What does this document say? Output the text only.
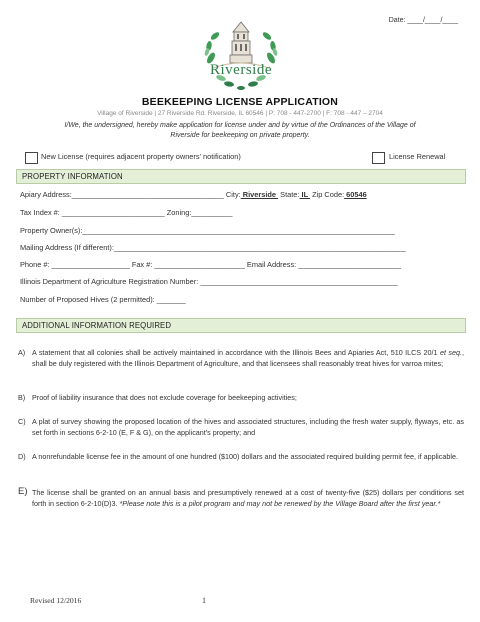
Date: ____/____/____
Riverside
BEEKEEPING LICENSE APPLICATION
Village of Riverside | 27 Riverside Rd. Riverside, IL 60546 | P: 708 - 447-2700 | F: 708 - 447 – 2704
I/We, the undersigned, hereby make application for license under and by virtue of the Ordinances of the Village of
Riverside for beekeeping on private property.
New License (requires adjacent property owners' notification)	License Renewal
PROPERTY INFORMATION
Apiary Address:_____________________________________ City: Riverside  State: IL  Zip Code: 60546
Tax Index #: _________________________ Zoning:__________
Property Owner(s):____________________________________________________________________________
Mailing Address (If different):_______________________________________________________________________
Phone #: ___________________ Fax #: ______________________ Email Address: _________________________
Illinois Department of Agriculture Registration Number: ________________________________________________
Number of Proposed Hives (2 permitted): _______
ADDITIONAL INFORMATION REQUIRED
A) A statement that all colonies shall be actively maintained in accordance with the Illinois Bees and Apiaries Act, 510 ILCS 20/1 et seq., shall be duly registered with the Illinois Department of Agriculture, and that licensees shall reasonably treat hives for varroa mites;
B) Proof of liability insurance that does not exclude coverage for beekeeping activities;
C) A plat of survey showing the proposed location of the hives and associated structures, including the fresh water supply, flyways, etc. as set forth in sections 6-2-10 (E, F & G), on the applicant's property; and
D) A nonrefundable license fee in the amount of one hundred ($100) dollars and the associated required building permit fee, if applicable.
E) The license shall be granted on an annual basis and presumptively renewed at a cost of twenty-five ($25) dollars per conditions set forth in section 6-2-10(D)3. *Please note this is a pilot program and may not be renewed by the Village Board after the first year.*
Revised 12/2016	1
